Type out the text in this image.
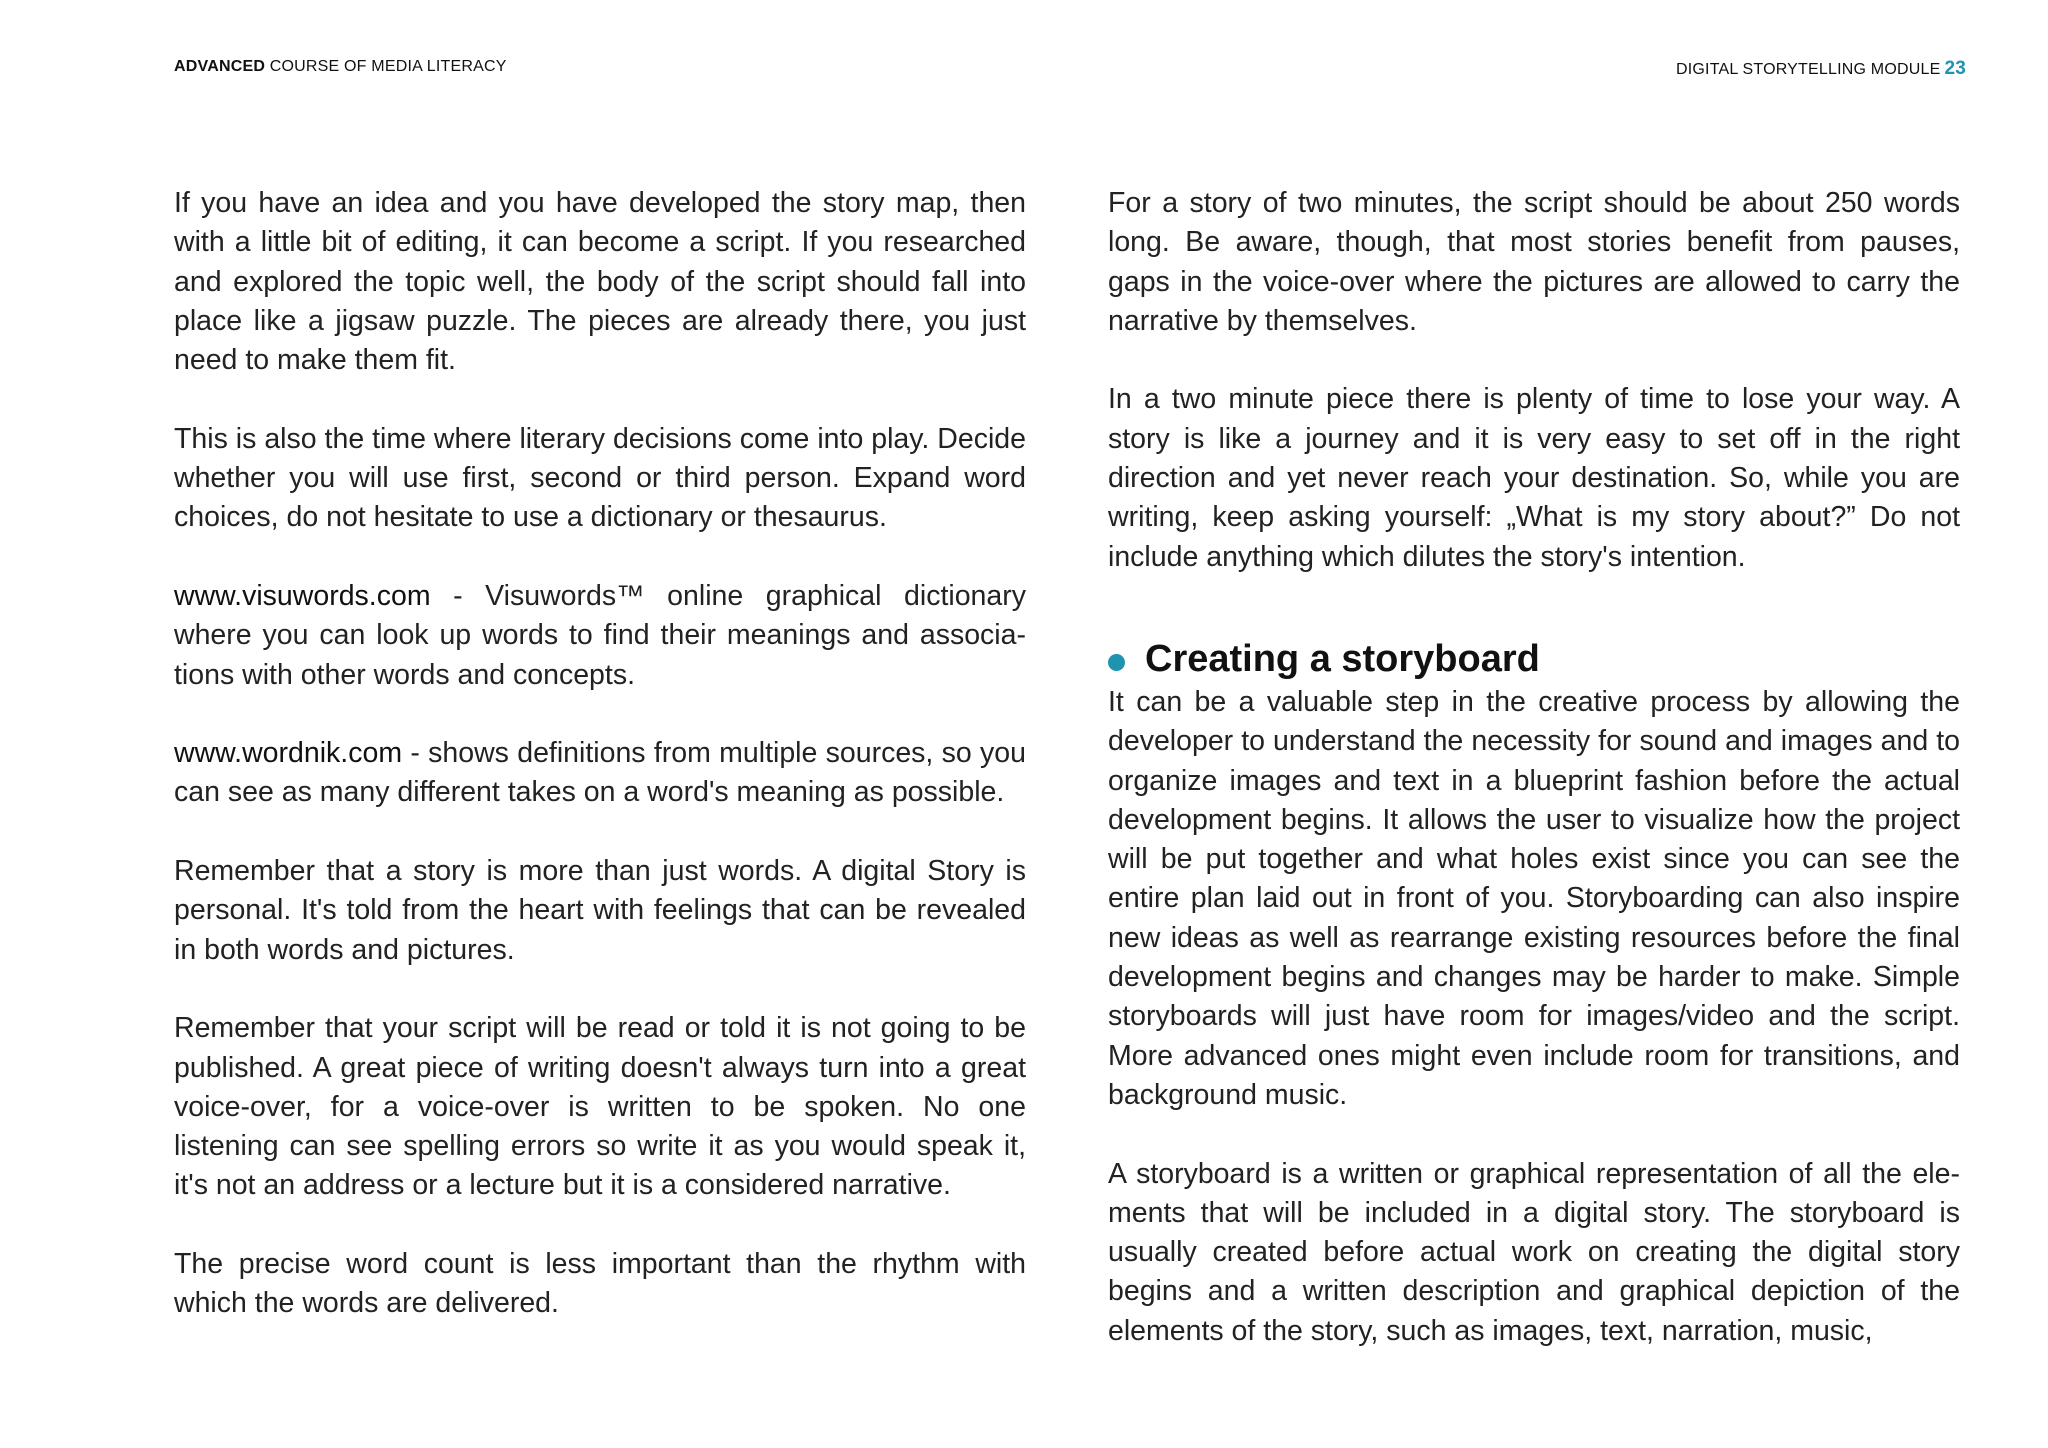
ADVANCED COURSE OF MEDIA LITERACY	DIGITAL STORYTELLING MODULE 23

If you have an idea and you have developed the story map, then with a little bit of editing, it can become a script. If you researched and explored the topic well, the body of the script should fall into place like a jigsaw puzzle. The pieces are already there, you just need to make them fit.

This is also the time where literary decisions come into play. Decide whether you will use first, second or third person. Expand word choices, do not hesitate to use a dictionary or thesaurus.

www.visuwords.com - Visuwords™ online graphical dictionary where you can look up words to find their meanings and associations with other words and concepts.

www.wordnik.com - shows definitions from multiple sources, so you can see as many different takes on a word's meaning as possible.

Remember that a story is more than just words. A digital Story is personal. It's told from the heart with feelings that can be revealed in both words and pictures.

Remember that your script will be read or told it is not going to be published. A great piece of writing doesn't always turn into a great voice-over, for a voice-over is written to be spoken. No one listening can see spelling errors so write it as you would speak it, it's not an address or a lecture but it is a considered narrative.

The precise word count is less important than the rhythm with which the words are delivered.

For a story of two minutes, the script should be about 250 words long. Be aware, though, that most stories benefit from pauses, gaps in the voice-over where the pictures are allowed to carry the narrative by themselves.

In a two minute piece there is plenty of time to lose your way. A story is like a journey and it is very easy to set off in the right direction and yet never reach your destination. So, while you are writing, keep asking yourself: „What is my story about?” Do not include anything which dilutes the story's intention.

Creating a storyboard

It can be a valuable step in the creative process by allowing the developer to understand the necessity for sound and images and to organize images and text in a blueprint fashion before the actual development begins. It allows the user to visualize how the project will be put together and what holes exist since you can see the entire plan laid out in front of you. Storyboarding can also inspire new ideas as well as rearrange existing resources before the final development begins and changes may be harder to make. Simple storyboards will just have room for images/video and the script. More advanced ones might even include room for transitions, and background music.

A storyboard is a written or graphical representation of all the elements that will be included in a digital story. The storyboard is usually created before actual work on creating the digital story begins and a written description and graphical depiction of the elements of the story, such as images, text, narration, music,
